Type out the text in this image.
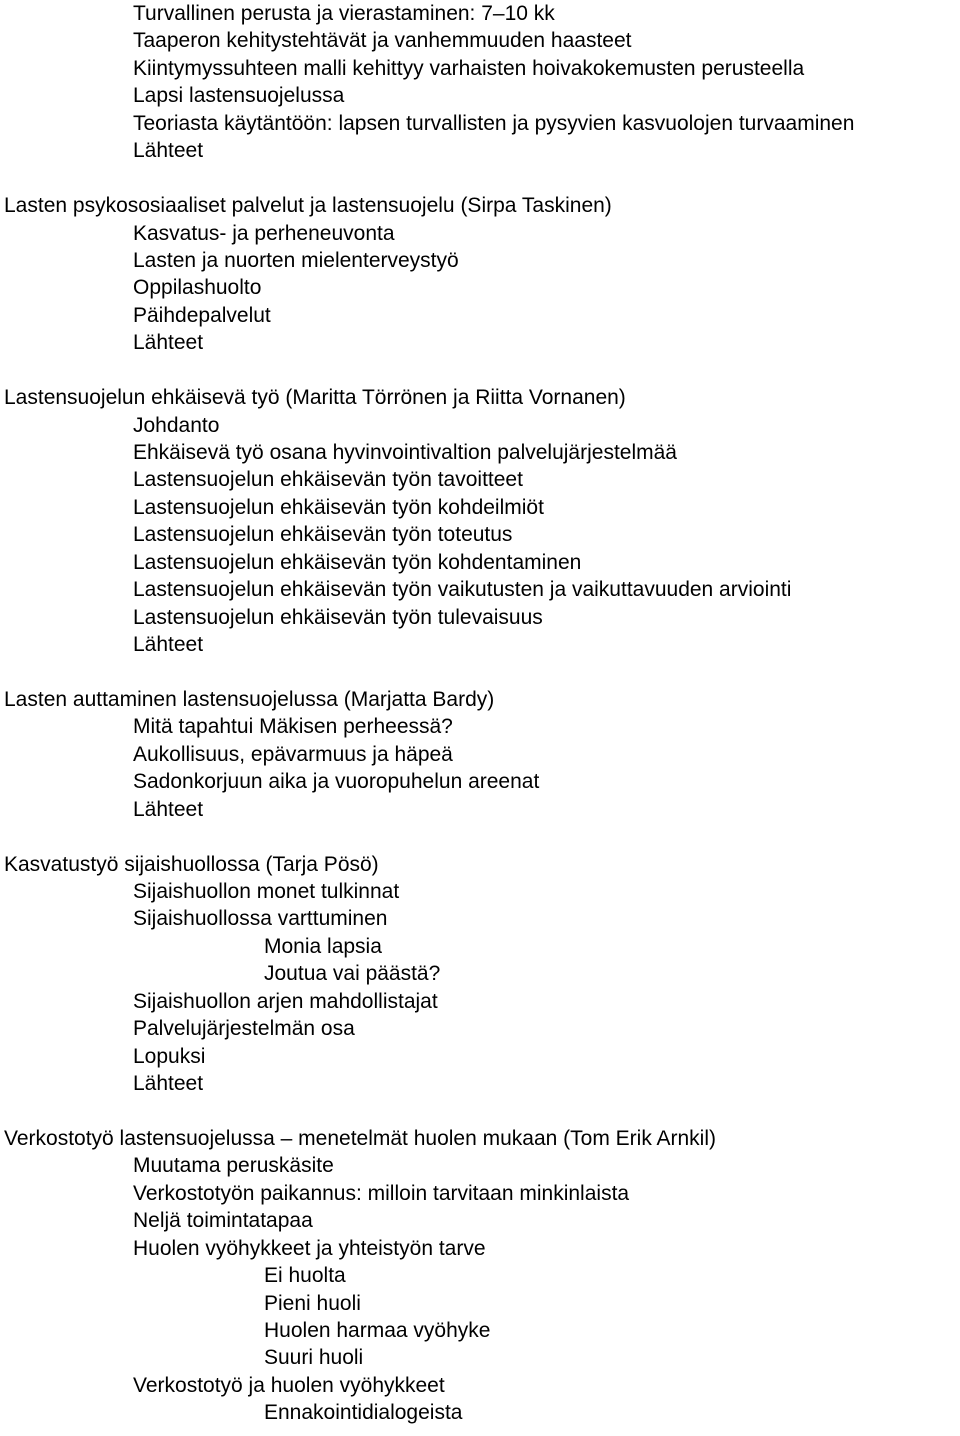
Turvallinen perusta ja vierastaminen: 7–10 kk
Taaperon kehitystehtävät ja vanhemmuuden haasteet
Kiintymyssuhteen malli kehittyy varhaisten hoivakokemusten perusteella
Lapsi lastensuojelussa
Teoriasta käytäntöön: lapsen turvallisten ja pysyvien kasvuolojen turvaaminen
Lähteet
Lasten psykososiaaliset palvelut ja lastensuojelu (Sirpa Taskinen)
Kasvatus- ja perheneuvonta
Lasten ja nuorten mielenterveystyö
Oppilashuolto
Päihdepalvelut
Lähteet
Lastensuojelun ehkäisevä työ (Maritta Törrönen ja Riitta Vornanen)
Johdanto
Ehkäisevä työ osana hyvinvointivaltion palvelujärjestelmää
Lastensuojelun ehkäisevän työn tavoitteet
Lastensuojelun ehkäisevän työn kohdeilmiöt
Lastensuojelun ehkäisevän työn toteutus
Lastensuojelun ehkäisevän työn kohdentaminen
Lastensuojelun ehkäisevän työn vaikutusten ja vaikuttavuuden arviointi
Lastensuojelun ehkäisevän työn tulevaisuus
Lähteet
Lasten auttaminen lastensuojelussa (Marjatta Bardy)
Mitä tapahtui Mäkisen perheessä?
Aukollisuus, epävarmuus ja häpeä
Sadonkorjuun aika ja vuoropuhelun areenat
Lähteet
Kasvatustyö sijaishuollossa (Tarja Pösö)
Sijaishuollon monet tulkinnat
Sijaishuollossa varttuminen
Monia lapsia
Joutua vai päästä?
Sijaishuollon arjen mahdollistajat
Palvelujärjestelmän osa
Lopuksi
Lähteet
Verkostotyö lastensuojelussa – menetelmät huolen mukaan (Tom Erik Arnkil)
Muutama peruskäsite
Verkostotyön paikannus: milloin tarvitaan minkinlaista
Neljä toimintatapaa
Huolen vyöhykkeet ja yhteistyön tarve
Ei huolta
Pieni huoli
Huolen harmaa vyöhyke
Suuri huoli
Verkostotyö ja huolen vyöhykkeet
Ennakointidialogeista
